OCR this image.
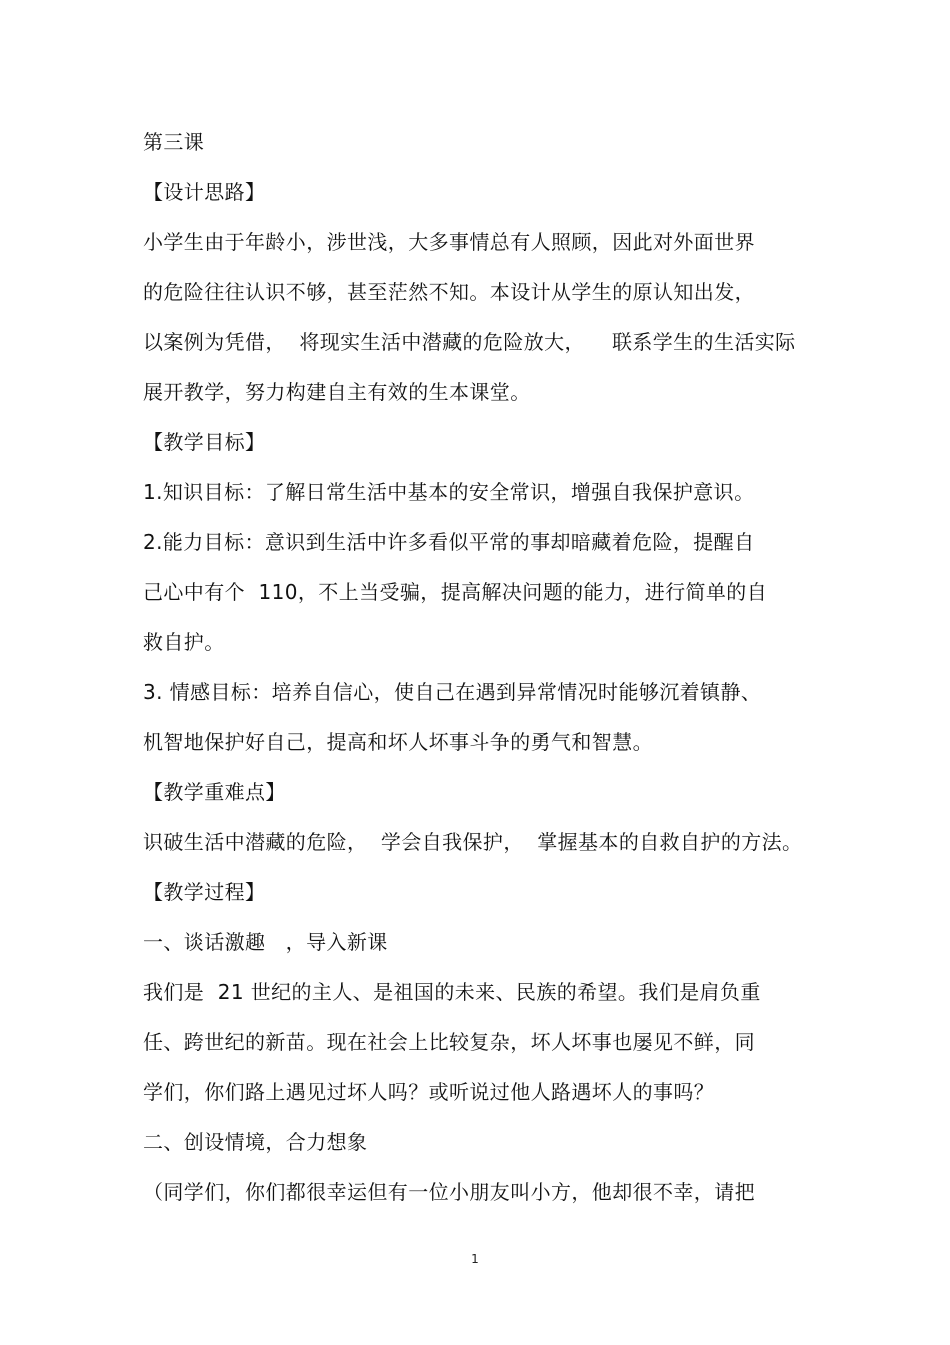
第三课
【设计思路】
小学生由于年龄小，涉世浅，大多事情总有人照顾，因此对外面世界
的危险往往认识不够，甚至茫然不知。本设计从学生的原认知出发，
以案例为凭借，  将现实生活中潜藏的危险放大，    联系学生的生活实际
展开教学，努力构建自主有效的生本课堂。
【教学目标】
1.知识目标：了解日常生活中基本的安全常识，增强自我保护意识。
2.能力目标：意识到生活中许多看似平常的事却暗藏着危险，提醒自
己心中有个  110，不上当受骗，提高解决问题的能力，进行简单的自
救自护。
3. 情感目标：培养自信心，使自己在遇到异常情况时能够沉着镇静、
机智地保护好自己，提高和坏人坏事斗争的勇气和智慧。
【教学重难点】
识破生活中潜藏的危险，  学会自我保护，  掌握基本的自救自护的方法。
【教学过程】
一、谈话激趣   ，导入新课
我们是  21 世纪的主人、是祖国的未来、民族的希望。我们是肩负重
任、跨世纪的新苗。现在社会上比较复杂，坏人坏事也屡见不鲜，同
学们，你们路上遇见过坏人吗？或听说过他人路遇坏人的事吗？
二、创设情境，合力想象
（同学们，你们都很幸运但有一位小朋友叫小方，他却很不幸，请把
1
